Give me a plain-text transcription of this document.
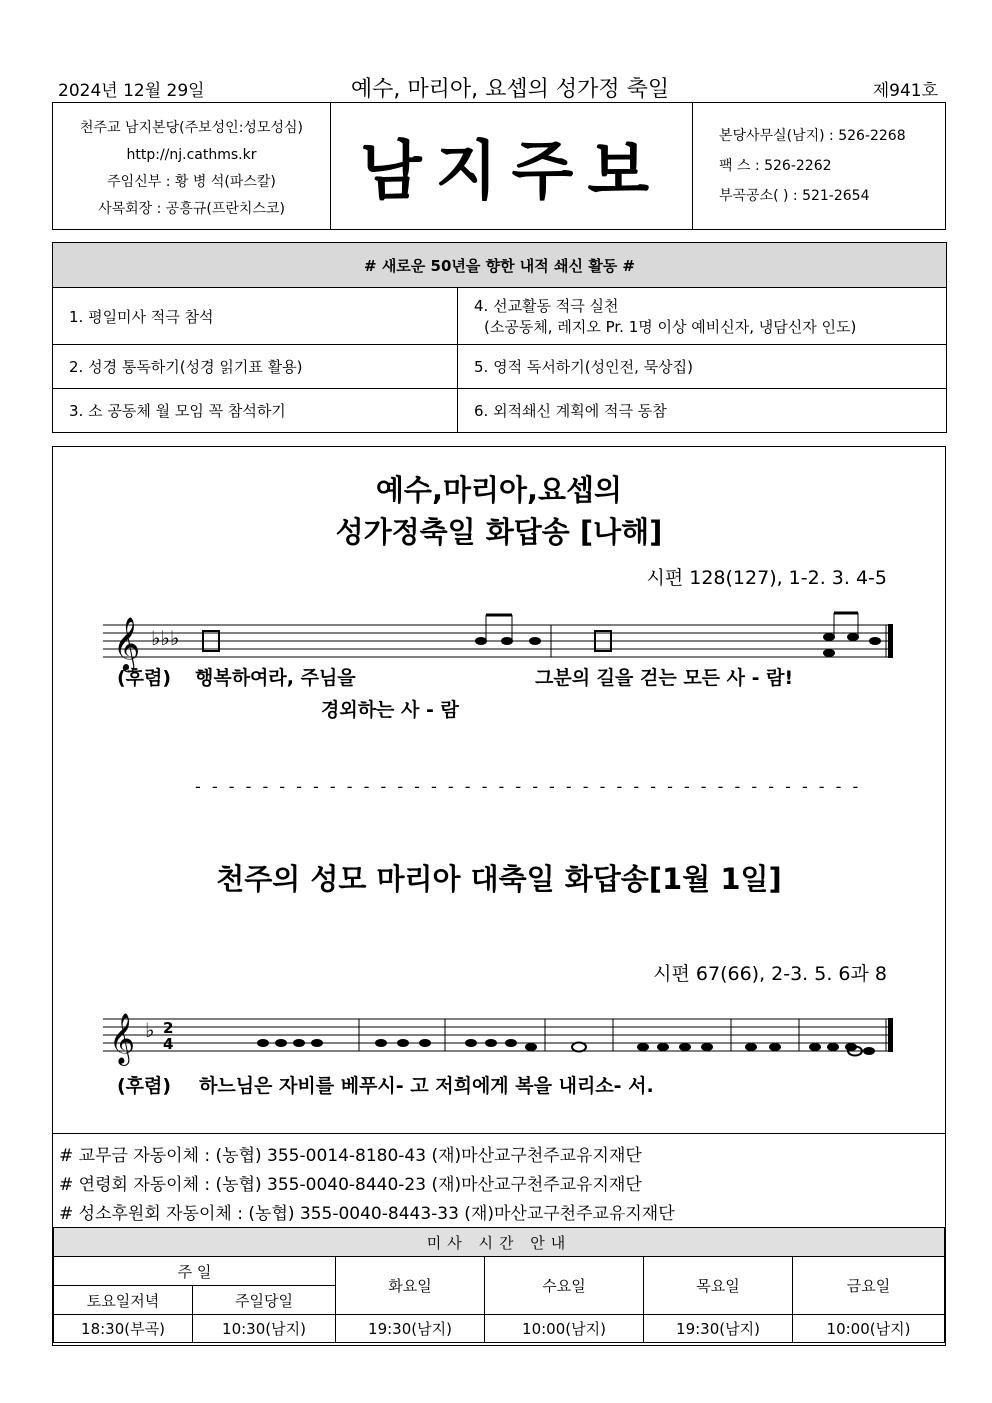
2024년 12월 29일	예수, 마리아, 요셉의 성가정 축일	제941호
천주교 남지본당(주보성인:성모성심)
http://nj.cathms.kr
주임신부 : 황 병 석(파스칼)
사목회장 : 공흥규(프란치스코)	남지주보	본당사무실(남지) : 526-2268
팩 스 : 526-2262
부곡공소( ) : 521-2654
# 새로운 50년을 향한 내적 쇄신 활동 #	
1. 평일미사 적극 참석	4. 선교활동 적극 실천
(소공동체, 레지오 Pr. 1명 이상 예비신자, 냉담신자 인도)

2. 성경 통독하기(성경 읽기표 활용)	5. 영적 독서하기(성인전, 묵상집)
3. 소 공동체 월 모임 꼭 참석하기	6. 외적쇄신 계획에 적극 동참
예수,마리아,요셉의
성가정축일 화답송 [나해]
시편 128(127), 1-2. 3. 4-5
𝄞 ♭♭♭
(후렴) 행복하여라, 주님을
경외하는 사 - 람
그분의 길을 걷는 모든 사 - 람!
- - - - - - - - - - - - - - - - - - - - - - - - - - - - - - - - - - - - - - - -
천주의 성모 마리아 대축일 화답송[1월 1일]
시편 67(66), 2-3. 5. 6과 8
𝄞 ♭ 2
4
(후렴) 하느님은 자비를 베푸시- 고 저희에게 복을 내리소- 서.
# 교무금 자동이체 : (농협) 355-0014-8180-43 (재)마산교구천주교유지재단
# 연령회 자동이체 : (농협) 355-0040-8440-23 (재)마산교구천주교유지재단
# 성소후원회 자동이체 : (농협) 355-0040-8443-33 (재)마산교구천주교유지재단
미사 시간 안내					
주 일		화요일	수요일	목요일	금요일
토요일저녁	주일당일				
18:30(부곡)	10:30(남지)	19:30(남지)	10:00(남지)	19:30(남지)	10:00(남지)
